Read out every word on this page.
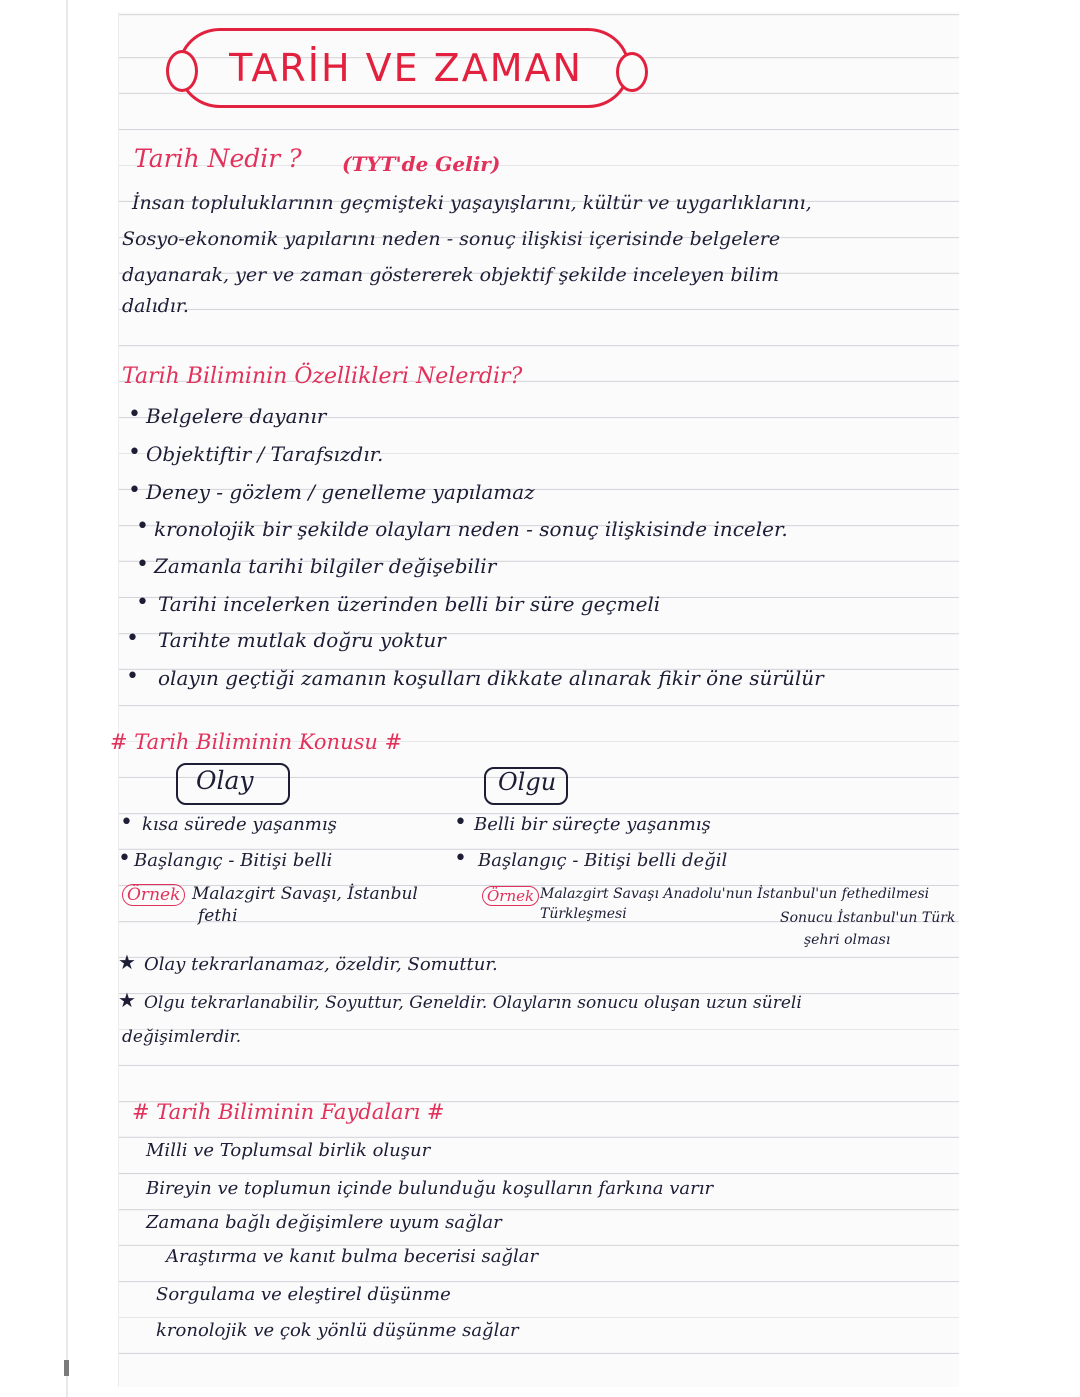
TARİH VE ZAMAN
Tarih Nedir ? (TYT'de Gelir)
İnsan topluluklarının geçmişteki yaşayışlarını, kültür ve uygarlıklarını,
Sosyo-ekonomik yapılarını neden - sonuç ilişkisi içerisinde belgelere
dayanarak, yer ve zaman göstererek objektif şekilde inceleyen bilim
dalıdır.
Tarih Biliminin Özellikleri Nelerdir?
• Belgelere dayanır
• Objektiftir / Tarafsızdır.
• Deney - gözlem / genelleme yapılamaz
• kronolojik bir şekilde olayları neden - sonuç ilişkisinde inceler.
• Zamanla tarihi bilgiler değişebilir
• Tarihi incelerken üzerinden belli bir süre geçmeli
• Tarihte mutlak doğru yoktur
• olayın geçtiği zamanın koşulları dikkate alınarak fikir öne sürülür
# Tarih Biliminin Konusu #
Olay	Olgu
• kısa sürede yaşanmış
• Başlangıç - Bitişi belli
Örnek Malazgirt Savaşı, İstanbul
fethi
• Belli bir süreçte yaşanmış
• Başlangıç - Bitişi belli değil
Örnek Malazgirt Savaşı Anadolu'nun İstanbul'un fethedilmesi
Türkleşmesi	Sonucu İstanbul'un Türk
şehri olması
★ Olay tekrarlanamaz, özeldir, Somuttur.
★ Olgu tekrarlanabilir, Soyuttur, Geneldir. Olayların sonucu oluşan uzun süreli
değişimlerdir.
# Tarih Biliminin Faydaları #
Milli ve Toplumsal birlik oluşur
Bireyin ve toplumun içinde bulunduğu koşulların farkına varır
Zamana bağlı değişimlere uyum sağlar
Araştırma ve kanıt bulma becerisi sağlar
Sorgulama ve eleştirel düşünme
kronolojik ve çok yönlü düşünme sağlar
